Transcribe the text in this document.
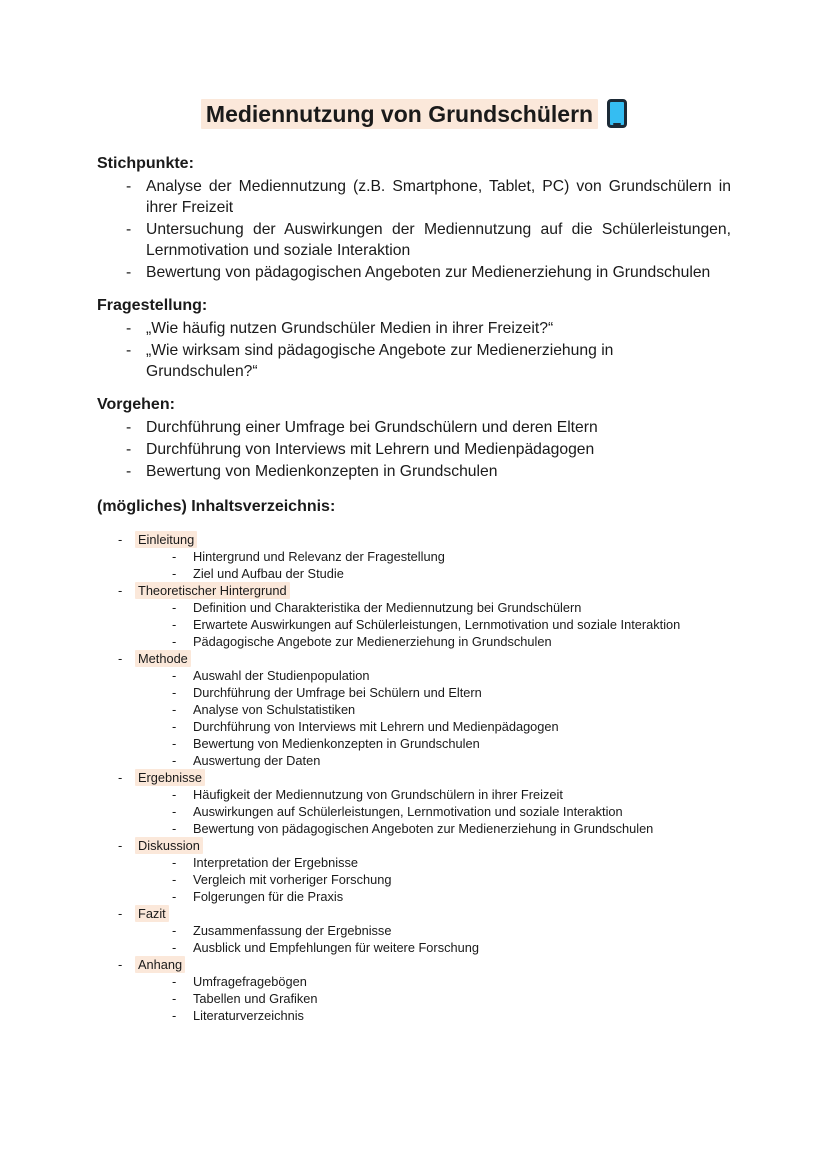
Mediennutzung von Grundschülern
Stichpunkte:
- Analyse der Mediennutzung (z.B. Smartphone, Tablet, PC) von Grundschülern in ihrer Freizeit
- Untersuchung der Auswirkungen der Mediennutzung auf die Schülerleistungen, Lernmotivation und soziale Interaktion
- Bewertung von pädagogischen Angeboten zur Medienerziehung in Grundschulen
Fragestellung:
- „Wie häufig nutzen Grundschüler Medien in ihrer Freizeit?“
- „Wie wirksam sind pädagogische Angebote zur Medienerziehung in Grundschulen?“
Vorgehen:
- Durchführung einer Umfrage bei Grundschülern und deren Eltern
- Durchführung von Interviews mit Lehrern und Medienpädagogen
- Bewertung von Medienkonzepten in Grundschulen
(mögliches) Inhaltsverzeichnis:
-	Einleitung
-	Hintergrund und Relevanz der Fragestellung
-	Ziel und Aufbau der Studie
-	Theoretischer Hintergrund
-	Definition und Charakteristika der Mediennutzung bei Grundschülern
-	Erwartete Auswirkungen auf Schülerleistungen, Lernmotivation und soziale Interaktion
-	Pädagogische Angebote zur Medienerziehung in Grundschulen
-	Methode
-	Auswahl der Studienpopulation
-	Durchführung der Umfrage bei Schülern und Eltern
-	Analyse von Schulstatistiken
-	Durchführung von Interviews mit Lehrern und Medienpädagogen
-	Bewertung von Medienkonzepten in Grundschulen
-	Auswertung der Daten
-	Ergebnisse
-	Häufigkeit der Mediennutzung von Grundschülern in ihrer Freizeit
-	Auswirkungen auf Schülerleistungen, Lernmotivation und soziale Interaktion
-	Bewertung von pädagogischen Angeboten zur Medienerziehung in Grundschulen
-	Diskussion
-	Interpretation der Ergebnisse
-	Vergleich mit vorheriger Forschung
-	Folgerungen für die Praxis
-	Fazit
-	Zusammenfassung der Ergebnisse
-	Ausblick und Empfehlungen für weitere Forschung
-	Anhang
-	Umfragefragebögen
-	Tabellen und Grafiken
-	Literaturverzeichnis
